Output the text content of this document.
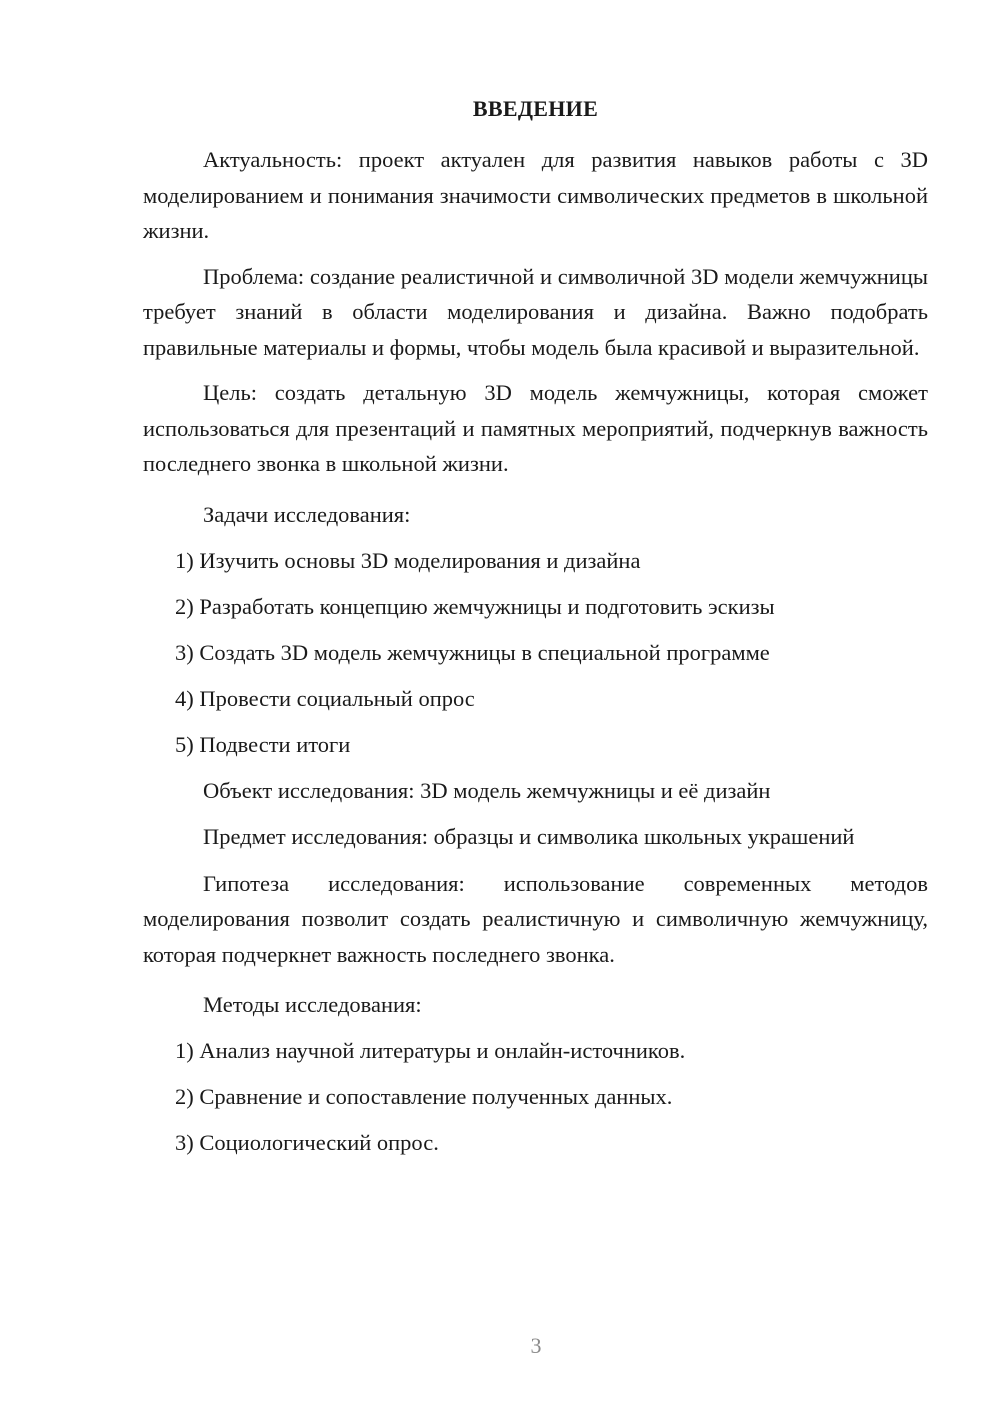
ВВЕДЕНИЕ

Актуальность: проект актуален для развития навыков работы с 3D моделированием и понимания значимости символических предметов в школьной жизни.

Проблема: создание реалистичной и символичной 3D модели жемчужницы требует знаний в области моделирования и дизайна. Важно подобрать правильные материалы и формы, чтобы модель была красивой и выразительной.

Цель: создать детальную 3D модель жемчужницы, которая сможет использоваться для презентаций и памятных мероприятий, подчеркнув важность последнего звонка в школьной жизни.

Задачи исследования:

1) Изучить основы 3D моделирования и дизайна

2) Разработать концепцию жемчужницы и подготовить эскизы

3) Создать 3D модель жемчужницы в специальной программе

4) Провести социальный опрос

5) Подвести итоги

Объект исследования: 3D модель жемчужницы и её дизайн

Предмет исследования: образцы и символика школьных украшений

Гипотеза исследования: использование современных методов моделирования позволит создать реалистичную и символичную жемчужницу, которая подчеркнет важность последнего звонка.

Методы исследования:

1) Анализ научной литературы и онлайн-источников.

2) Сравнение и сопоставление полученных данных.

3) Социологический опрос.

3
